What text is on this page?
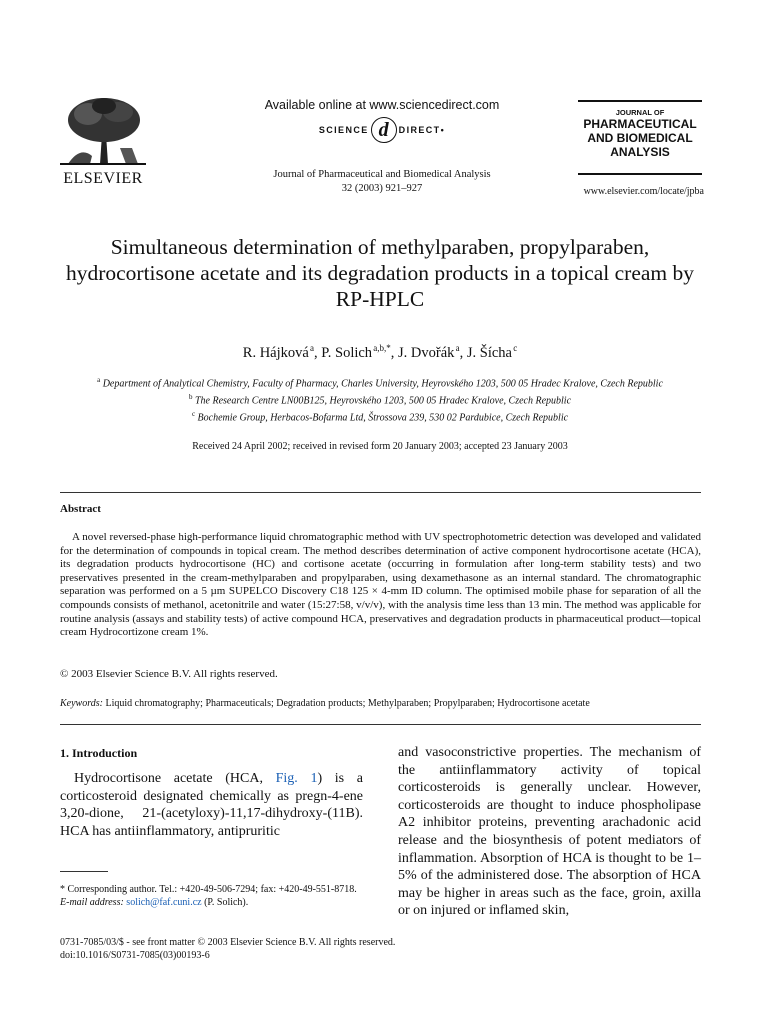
ELSEVIER
Available online at www.sciencedirect.com
SCIENCE d	DIRECT•
Journal of Pharmaceutical and Biomedical Analysis
32 (2003) 921–927
JOURNAL OF
PHARMACEUTICAL
AND BIOMEDICAL
ANALYSIS
www.elsevier.com/locate/jpba
Simultaneous determination of methylparaben, propylparaben, hydrocortisone acetate and its degradation products in a topical cream by RP-HPLC
R. Hájková $^a$, P. Solich $^{a,b,*}$, J. Dvořák $^a$, J. Šícha $^c$
$^a$ Department of Analytical Chemistry, Faculty of Pharmacy, Charles University, Heyrovského 1203, 500 05 Hradec Kralove, Czech Republic
$^b$ The Research Centre LN00B125, Heyrovského 1203, 500 05 Hradec Kralove, Czech Republic
$^c$ Bochemie Group, Herbacos-Bofarma Ltd, Štrossova 239, 530 02 Pardubice, Czech Republic
Received 24 April 2002; received in revised form 20 January 2003; accepted 23 January 2003
Abstract

A novel reversed-phase high-performance liquid chromatographic method with UV spectrophotometric detection was developed and validated for the determination of compounds in topical cream. The method describes determination of active component hydrocortisone acetate (HCA), its degradation products hydrocortisone (HC) and cortisone acetate (occurring in formulation after long-term stability tests) and two preservatives presented in the cream-methylparaben and propylparaben, using dexamethasone as an internal standard. The chromatographic separation was performed on a 5 µm SUPELCO Discovery C18 125 × 4-mm ID column. The optimised mobile phase for separation of all the compounds consists of methanol, acetonitrile and water (15:27:58, v/v/v), with the analysis time less than 13 min. The method was applicable for routine analysis (assays and stability tests) of active compound HCA, preservatives and degradation products in pharmaceutical product—topical cream Hydrocortizone cream 1%.

© 2003 Elsevier Science B.V. All rights reserved.
Keywords: Liquid chromatography; Pharmaceuticals; Degradation products; Methylparaben; Propylparaben; Hydrocortisone acetate
1. Introduction

Hydrocortisone acetate (HCA, Fig. 1) is a corticosteroid designated chemically as pregn-4-ene 3,20-dione, 21-(acetyloxy)-11,17-dihydroxy-(11B). HCA has antiinflammatory, antipruritic

* Corresponding author. Tel.: +420-49-506-7294; fax: +420-49-551-8718.
E-mail address: solich@faf.cuni.cz (P. Solich).

and vasoconstrictive properties. The mechanism of the antiinflammatory activity of topical corticosteroids is generally unclear. However, corticosteroids are thought to induce phospholipase A2 inhibitor proteins, preventing arachadonic acid release and the biosynthesis of potent mediators of inflammation. Absorption of HCA is thought to be 1–5% of the administered dose. The absorption of HCA may be higher in areas such as the face, groin, axilla or on injured or inflamed skin,

0731-7085/03/$ - see front matter © 2003 Elsevier Science B.V. All rights reserved.
doi:10.1016/S0731-7085(03)00193-6
